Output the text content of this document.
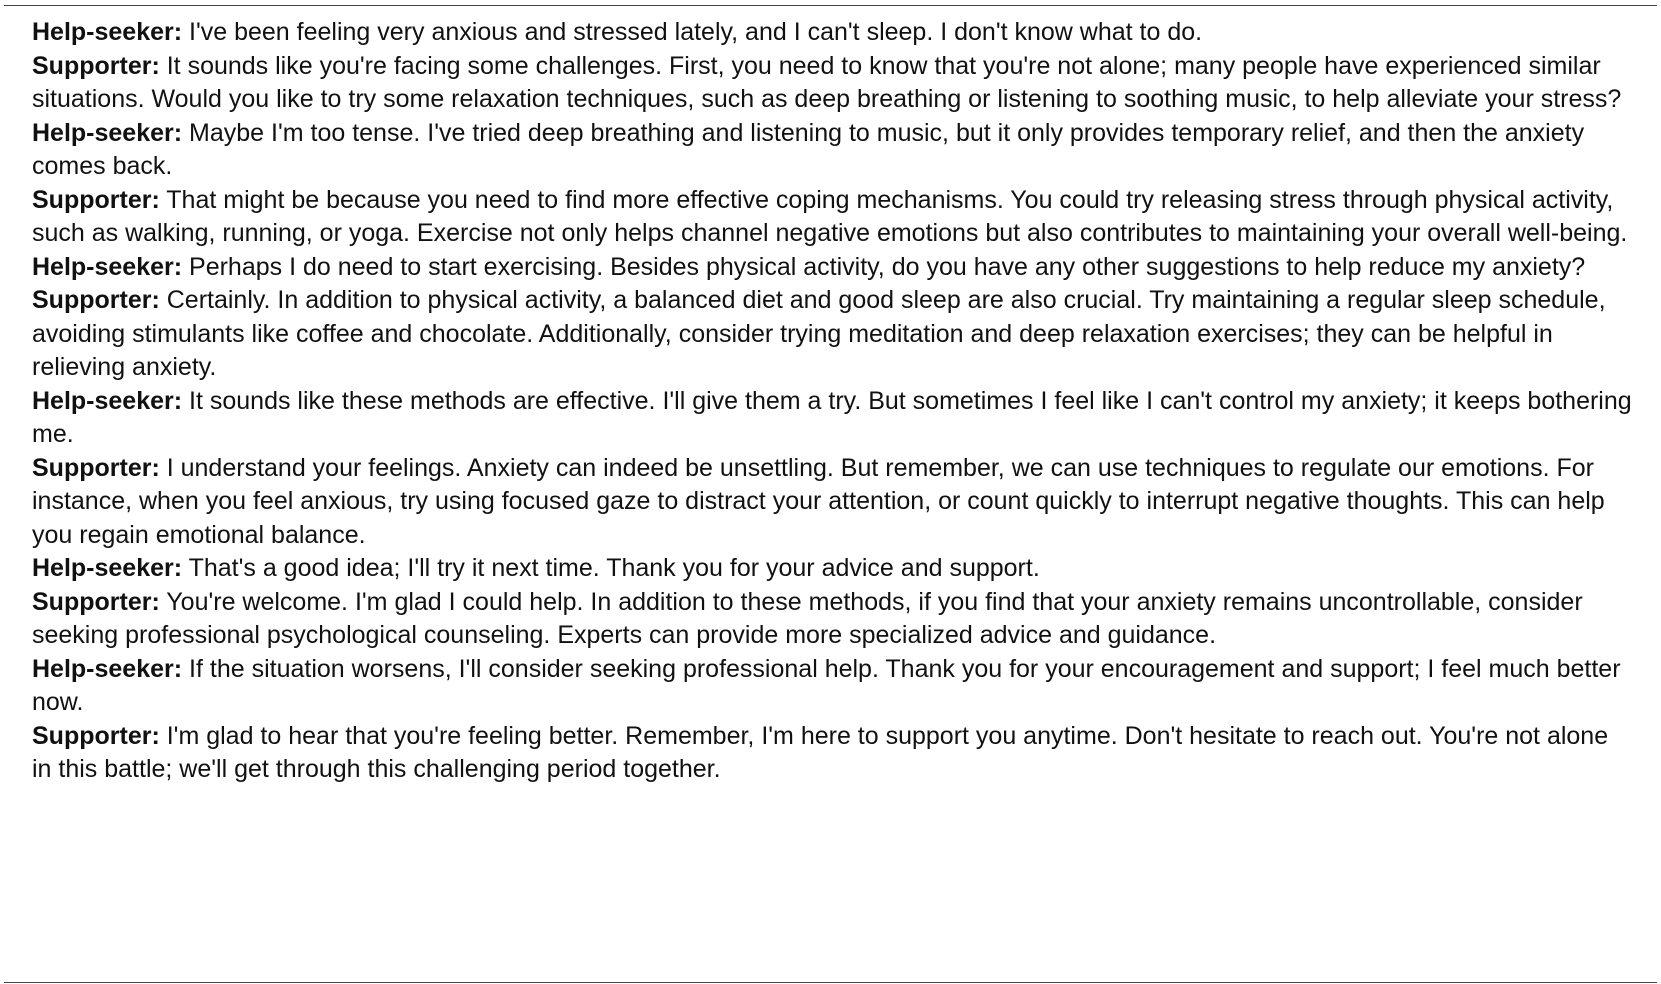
Help-seeker: I've been feeling very anxious and stressed lately, and I can't sleep. I don't know what to do.

Supporter: It sounds like you're facing some challenges. First, you need to know that you're not alone; many people have experienced similar situations. Would you like to try some relaxation techniques, such as deep breathing or listening to soothing music, to help alleviate your stress?

Help-seeker: Maybe I'm too tense. I've tried deep breathing and listening to music, but it only provides temporary relief, and then the anxiety comes back.

Supporter: That might be because you need to find more effective coping mechanisms. You could try releasing stress through physical activity, such as walking, running, or yoga. Exercise not only helps channel negative emotions but also contributes to maintaining your overall well-being.

Help-seeker: Perhaps I do need to start exercising. Besides physical activity, do you have any other suggestions to help reduce my anxiety?

Supporter: Certainly. In addition to physical activity, a balanced diet and good sleep are also crucial. Try maintaining a regular sleep schedule, avoiding stimulants like coffee and chocolate. Additionally, consider trying meditation and deep relaxation exercises; they can be helpful in relieving anxiety.

Help-seeker: It sounds like these methods are effective. I'll give them a try. But sometimes I feel like I can't control my anxiety; it keeps bothering me.

Supporter: I understand your feelings. Anxiety can indeed be unsettling. But remember, we can use techniques to regulate our emotions. For instance, when you feel anxious, try using focused gaze to distract your attention, or count quickly to interrupt negative thoughts. This can help you regain emotional balance.

Help-seeker: That's a good idea; I'll try it next time. Thank you for your advice and support.

Supporter: You're welcome. I'm glad I could help. In addition to these methods, if you find that your anxiety remains uncontrollable, consider seeking professional psychological counseling. Experts can provide more specialized advice and guidance.

Help-seeker: If the situation worsens, I'll consider seeking professional help. Thank you for your encouragement and support; I feel much better now.

Supporter: I'm glad to hear that you're feeling better. Remember, I'm here to support you anytime. Don't hesitate to reach out. You're not alone in this battle; we'll get through this challenging period together.
